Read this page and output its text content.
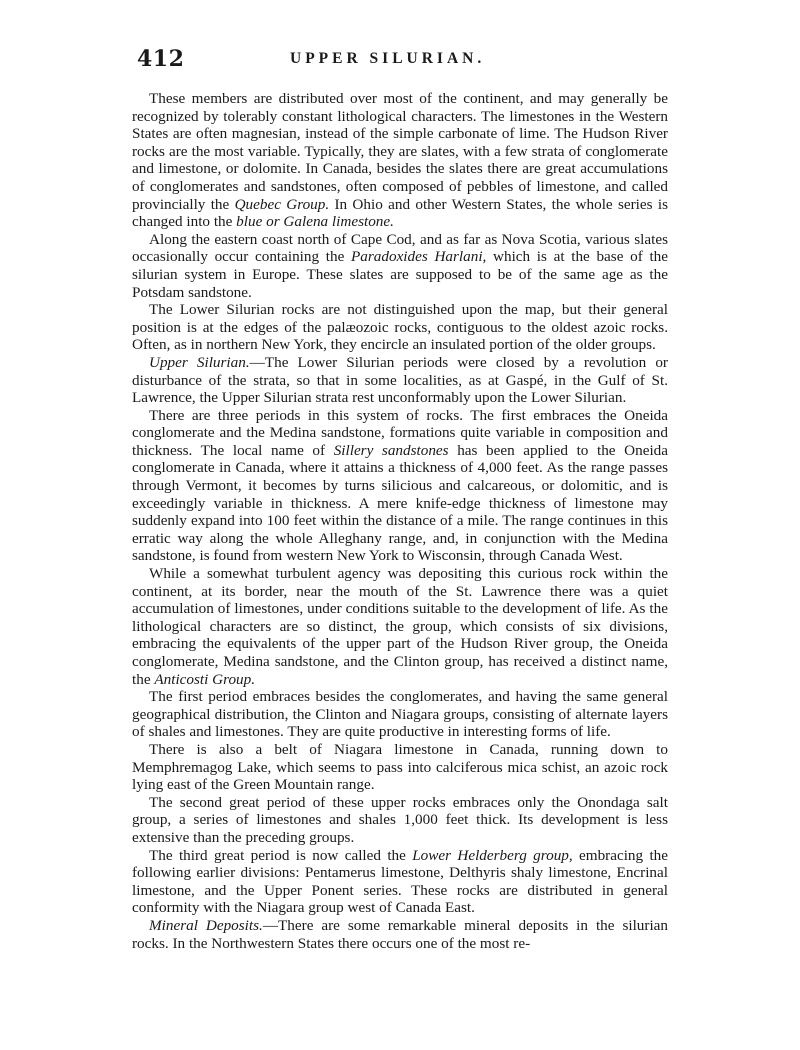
412	UPPER SILURIAN.

These members are distributed over most of the continent, and may generally be recognized by tolerably constant lithological characters. The limestones in the Western States are often magnesian, instead of the simple carbonate of lime. The Hudson River rocks are the most variable. Typically, they are slates, with a few strata of conglomerate and limestone, or dolomite. In Canada, besides the slates there are great accumulations of conglomerates and sandstones, often composed of pebbles of limestone, and called provincially the Quebec Group. In Ohio and other Western States, the whole series is changed into the blue or Galena limestone.

Along the eastern coast north of Cape Cod, and as far as Nova Scotia, various slates occasionally occur containing the Paradoxides Harlani, which is at the base of the silurian system in Europe. These slates are supposed to be of the same age as the Potsdam sandstone.

The Lower Silurian rocks are not distinguished upon the map, but their general position is at the edges of the palæozoic rocks, contiguous to the oldest azoic rocks. Often, as in northern New York, they encircle an insulated portion of the older groups.

Upper Silurian.—The Lower Silurian periods were closed by a revolution or disturbance of the strata, so that in some localities, as at Gaspé, in the Gulf of St. Lawrence, the Upper Silurian strata rest unconformably upon the Lower Silurian.

There are three periods in this system of rocks. The first embraces the Oneida conglomerate and the Medina sandstone, formations quite variable in composition and thickness. The local name of Sillery sandstones has been applied to the Oneida conglomerate in Canada, where it attains a thickness of 4,000 feet. As the range passes through Vermont, it becomes by turns silicious and calcareous, or dolomitic, and is exceedingly variable in thickness. A mere knife-edge thickness of limestone may suddenly expand into 100 feet within the distance of a mile. The range continues in this erratic way along the whole Alleghany range, and, in conjunction with the Medina sandstone, is found from western New York to Wisconsin, through Canada West.

While a somewhat turbulent agency was depositing this curious rock within the continent, at its border, near the mouth of the St. Lawrence there was a quiet accumulation of limestones, under conditions suitable to the development of life. As the lithological characters are so distinct, the group, which consists of six divisions, embracing the equivalents of the upper part of the Hudson River group, the Oneida conglomerate, Medina sandstone, and the Clinton group, has received a distinct name, the Anticosti Group.

The first period embraces besides the conglomerates, and having the same general geographical distribution, the Clinton and Niagara groups, consisting of alternate layers of shales and limestones. They are quite productive in interesting forms of life.

There is also a belt of Niagara limestone in Canada, running down to Memphremagog Lake, which seems to pass into calciferous mica schist, an azoic rock lying east of the Green Mountain range.

The second great period of these upper rocks embraces only the Onondaga salt group, a series of limestones and shales 1,000 feet thick. Its development is less extensive than the preceding groups.

The third great period is now called the Lower Helderberg group, embracing the following earlier divisions: Pentamerus limestone, Delthyris shaly limestone, Encrinal limestone, and the Upper Ponent series. These rocks are distributed in general conformity with the Niagara group west of Canada East.

Mineral Deposits.—There are some remarkable mineral deposits in the silurian rocks. In the Northwestern States there occurs one of the most re-
